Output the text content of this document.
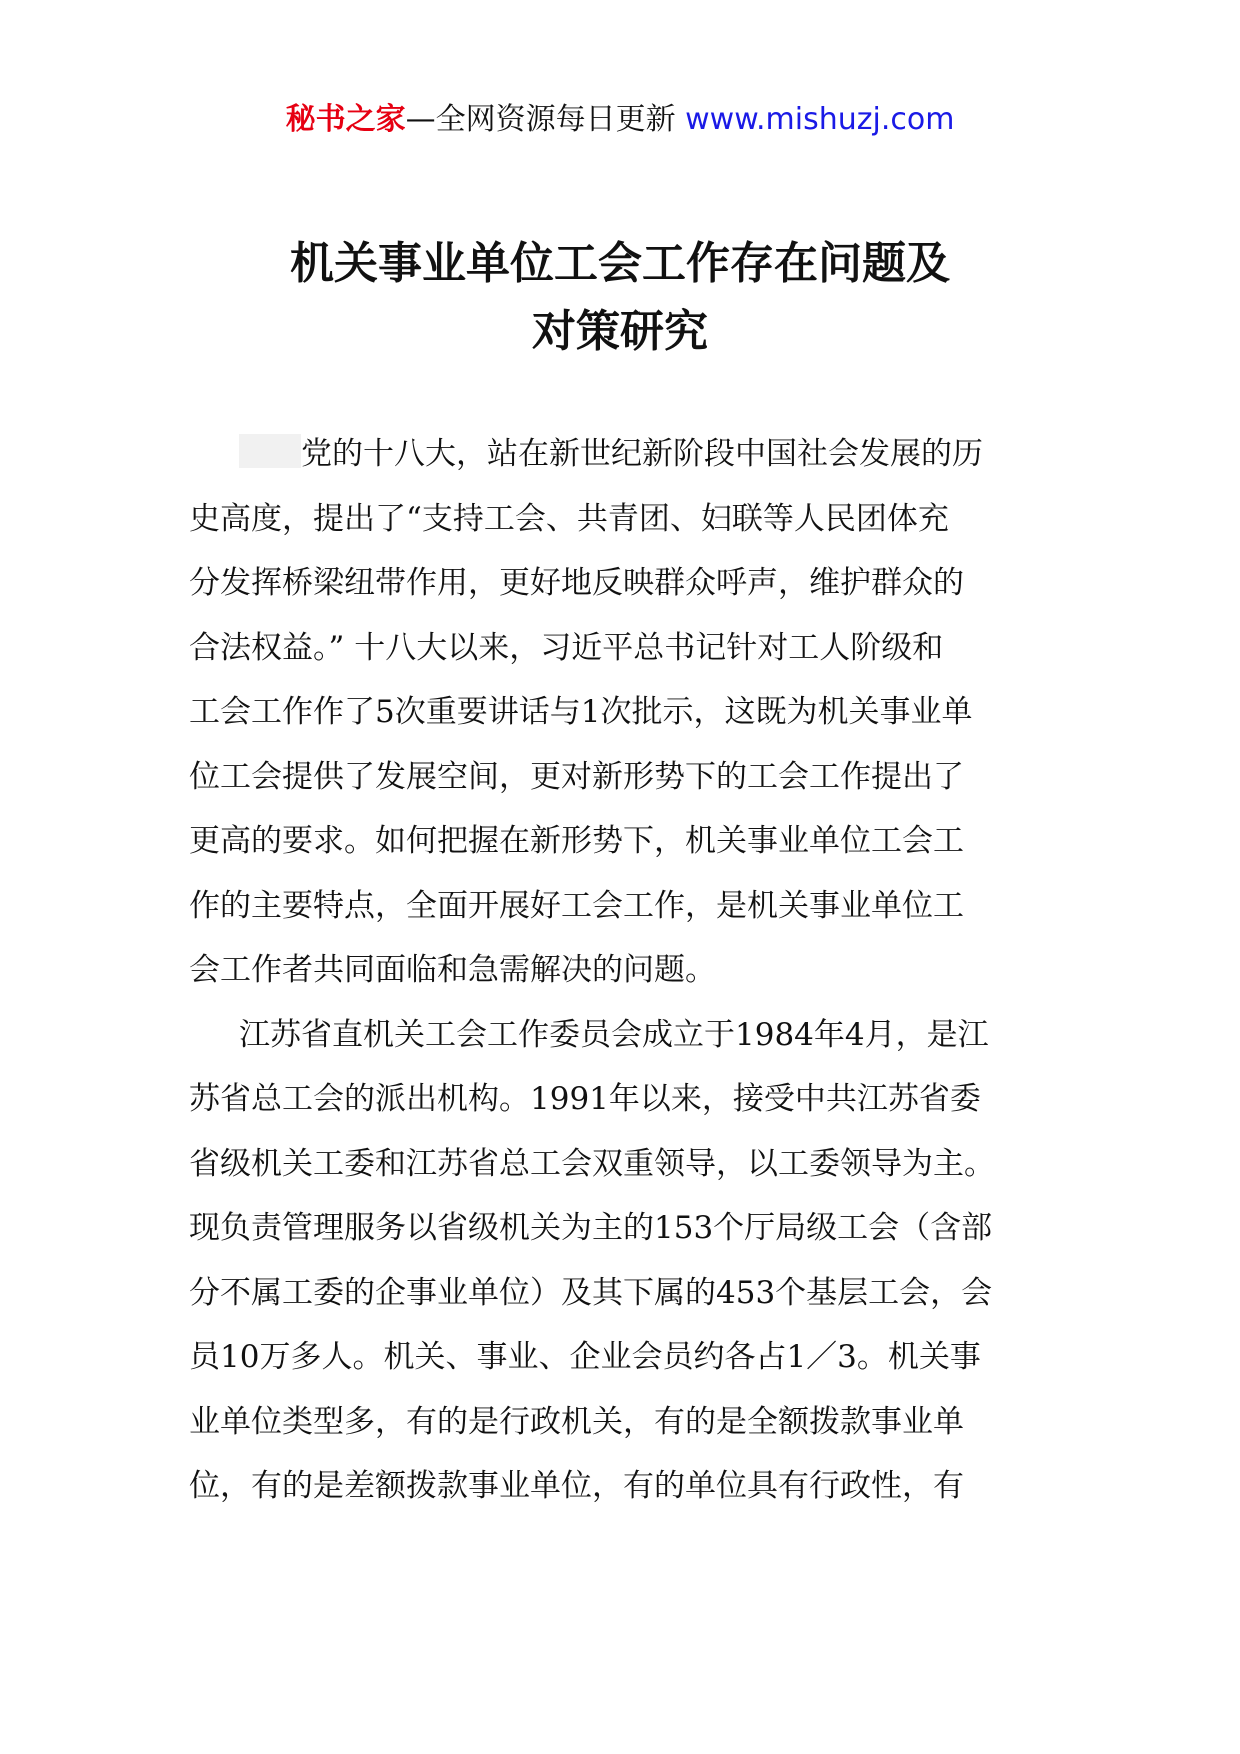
秘书之家—全网资源每日更新 www.mishuzj.com
机关事业单位工会工作存在问题及
对策研究
党的十八大，站在新世纪新阶段中国社会发展的历
史高度，提出了“支持工会、共青团、妇联等人民团体充
分发挥桥梁纽带作用，更好地反映群众呼声，维护群众的
合法权益。” 十八大以来，习近平总书记针对工人阶级和
工会工作作了5次重要讲话与1次批示，这既为机关事业单
位工会提供了发展空间，更对新形势下的工会工作提出了
更高的要求。如何把握在新形势下，机关事业单位工会工
作的主要特点，全面开展好工会工作，是机关事业单位工
会工作者共同面临和急需解决的问题。
江苏省直机关工会工作委员会成立于1984年4月，是江
苏省总工会的派出机构。1991年以来，接受中共江苏省委
省级机关工委和江苏省总工会双重领导，以工委领导为主。
现负责管理服务以省级机关为主的153个厅局级工会（含部
分不属工委的企事业单位）及其下属的453个基层工会，会
员10万多人。机关、事业、企业会员约各占1／3。机关事
业单位类型多，有的是行政机关，有的是全额拨款事业单
位，有的是差额拨款事业单位，有的单位具有行政性，有
